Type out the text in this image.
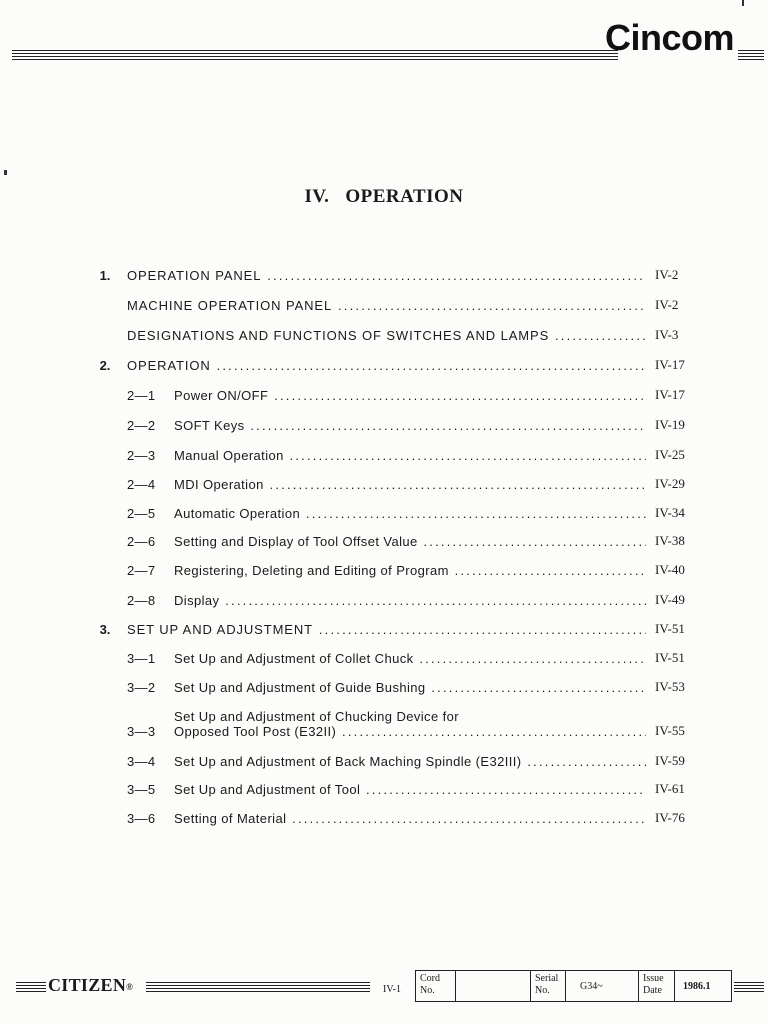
Cincom
IV. OPERATION
1.	OPERATION PANEL .....	IV-2
MACHINE OPERATION PANEL .....	IV-2
DESIGNATIONS AND FUNCTIONS OF SWITCHES AND LAMPS .....	IV-3
2.	OPERATION .....	IV-17
2—1 Power ON/OFF .....	IV-17
2—2 SOFT Keys .....	IV-19
2—3 Manual Operation .....	IV-25
2—4 MDI Operation .....	IV-29
2—5 Automatic Operation .....	IV-34
2—6 Setting and Display of Tool Offset Value .....	IV-38
2—7 Registering, Deleting and Editing of Program .....	IV-40
2—8 Display .....	IV-49
3.	SET UP AND ADJUSTMENT .....	IV-51
3—1 Set Up and Adjustment of Collet Chuck .....	IV-51
3—2 Set Up and Adjustment of Guide Bushing .....	IV-53
3—3
Set Up and Adjustment of Chucking Device for
Opposed Tool Post (E32II) .....	IV-55
3—4 Set Up and Adjustment of Back Maching Spindle (E32III) .....	IV-59
3—5 Set Up and Adjustment of Tool .....	IV-61
3—6 Setting of Material .....	IV-76
CITIZEN®	IV-1
Cord
No.
Serial
No.	G34~
Issue
Date	1986.1
